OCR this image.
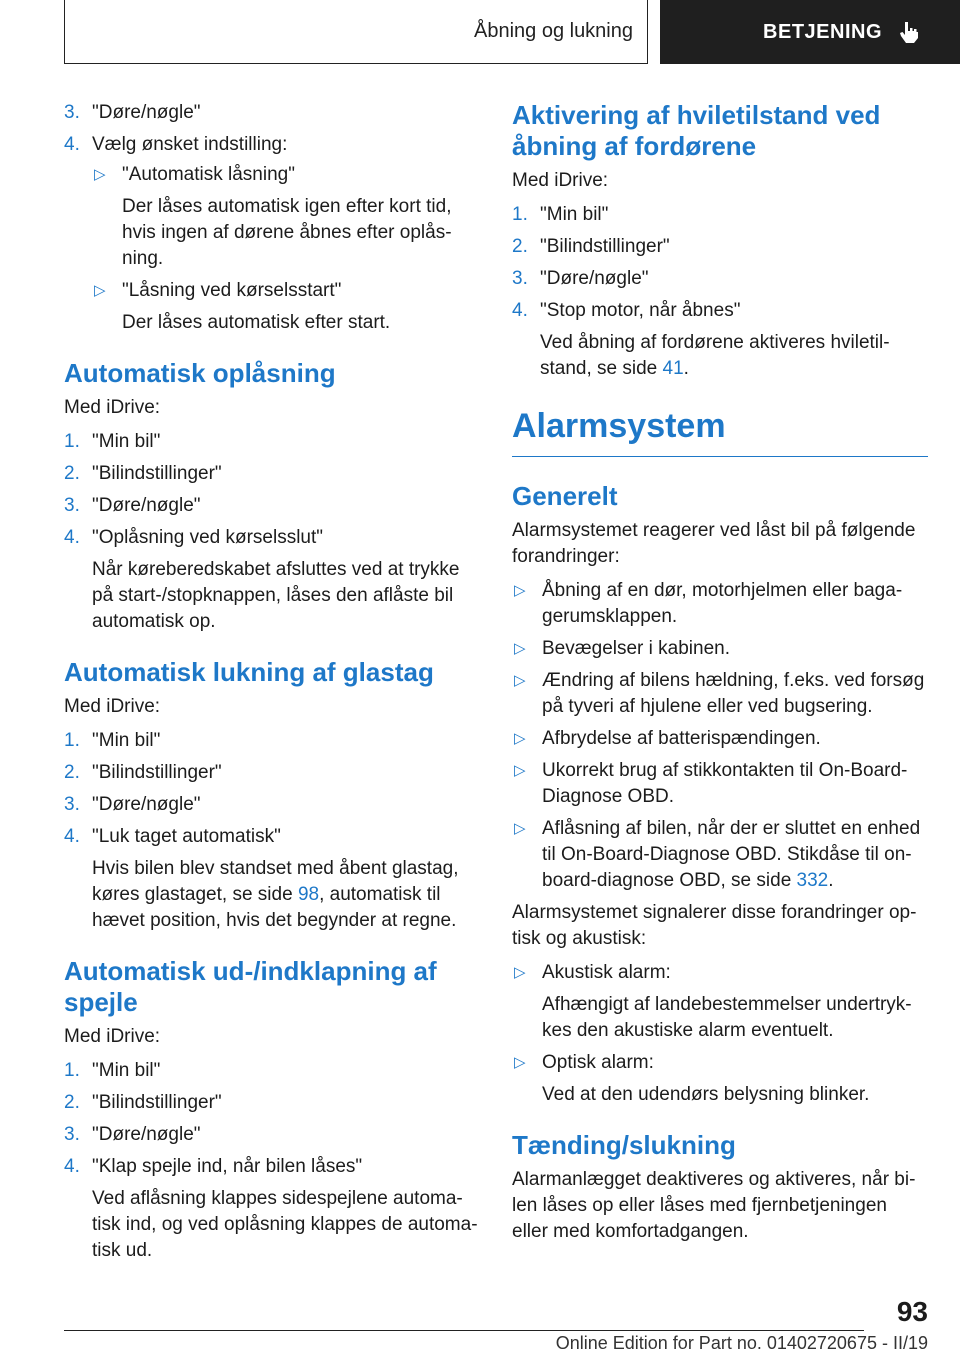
Åbning og lukning	BETJENING
3. "Døre/nøgle"
4. Vælg ønsket indstilling:
▷ "Automatisk låsning"
Der låses automatisk igen efter kort tid, hvis ingen af dørene åbnes efter oplås-ning.
▷ "Låsning ved kørselsstart"
Der låses automatisk efter start.
Automatisk oplåsning

Med iDrive:

1. "Min bil"
2. "Bilindstillinger"
3. "Døre/nøgle"
4. "Oplåsning ved kørselsslut"
Når køreberedskabet afsluttes ved at trykke på start-/stopknappen, låses den aflåste bil automatisk op.
Automatisk lukning af glastag

Med iDrive:

1. "Min bil"
2. "Bilindstillinger"
3. "Døre/nøgle"
4. "Luk taget automatisk"
Hvis bilen blev standset med åbent glastag, køres glastaget, se side 98, automatisk til hævet position, hvis det begynder at regne.
Automatisk ud-/indklapning af spejle

Med iDrive:

1. "Min bil"
2. "Bilindstillinger"
3. "Døre/nøgle"
4. "Klap spejle ind, når bilen låses"
Ved aflåsning klappes sidespejlene automa-tisk ind, og ved oplåsning klappes de automa-tisk ud.
Aktivering af hviletilstand ved åbning af fordørene

Med iDrive:

1. "Min bil"
2. "Bilindstillinger"
3. "Døre/nøgle"
4. "Stop motor, når åbnes"
Ved åbning af fordørene aktiveres hviletil-stand, se side 41.
Alarmsystem
Generelt

Alarmsystemet reagerer ved låst bil på følgende forandringer:

▷ Åbning af en dør, motorhjelmen eller baga-gerumsklappen.
▷ Bevægelser i kabinen.
▷ Ændring af bilens hældning, f.eks. ved forsøg på tyveri af hjulene eller ved bugsering.
▷ Afbrydelse af batterispændingen.
▷ Ukorrekt brug af stikkontakten til On-Board-Diagnose OBD.
▷ Aflåsning af bilen, når der er sluttet en enhed til On-Board-Diagnose OBD. Stikdåse til on-board-diagnose OBD, se side 332.

Alarmsystemet signalerer disse forandringer op-tisk og akustisk:

▷ Akustisk alarm:
Afhængigt af landebestemmelser undertryk-kes den akustiske alarm eventuelt.
▷ Optisk alarm:
Ved at den udendørs belysning blinker.
Tænding/slukning

Alarmanlægget deaktiveres og aktiveres, når bi-len låses op eller låses med fjernbetjeningen eller med komfortadgangen.

93
Online Edition for Part no. 01402720675 - II/19
